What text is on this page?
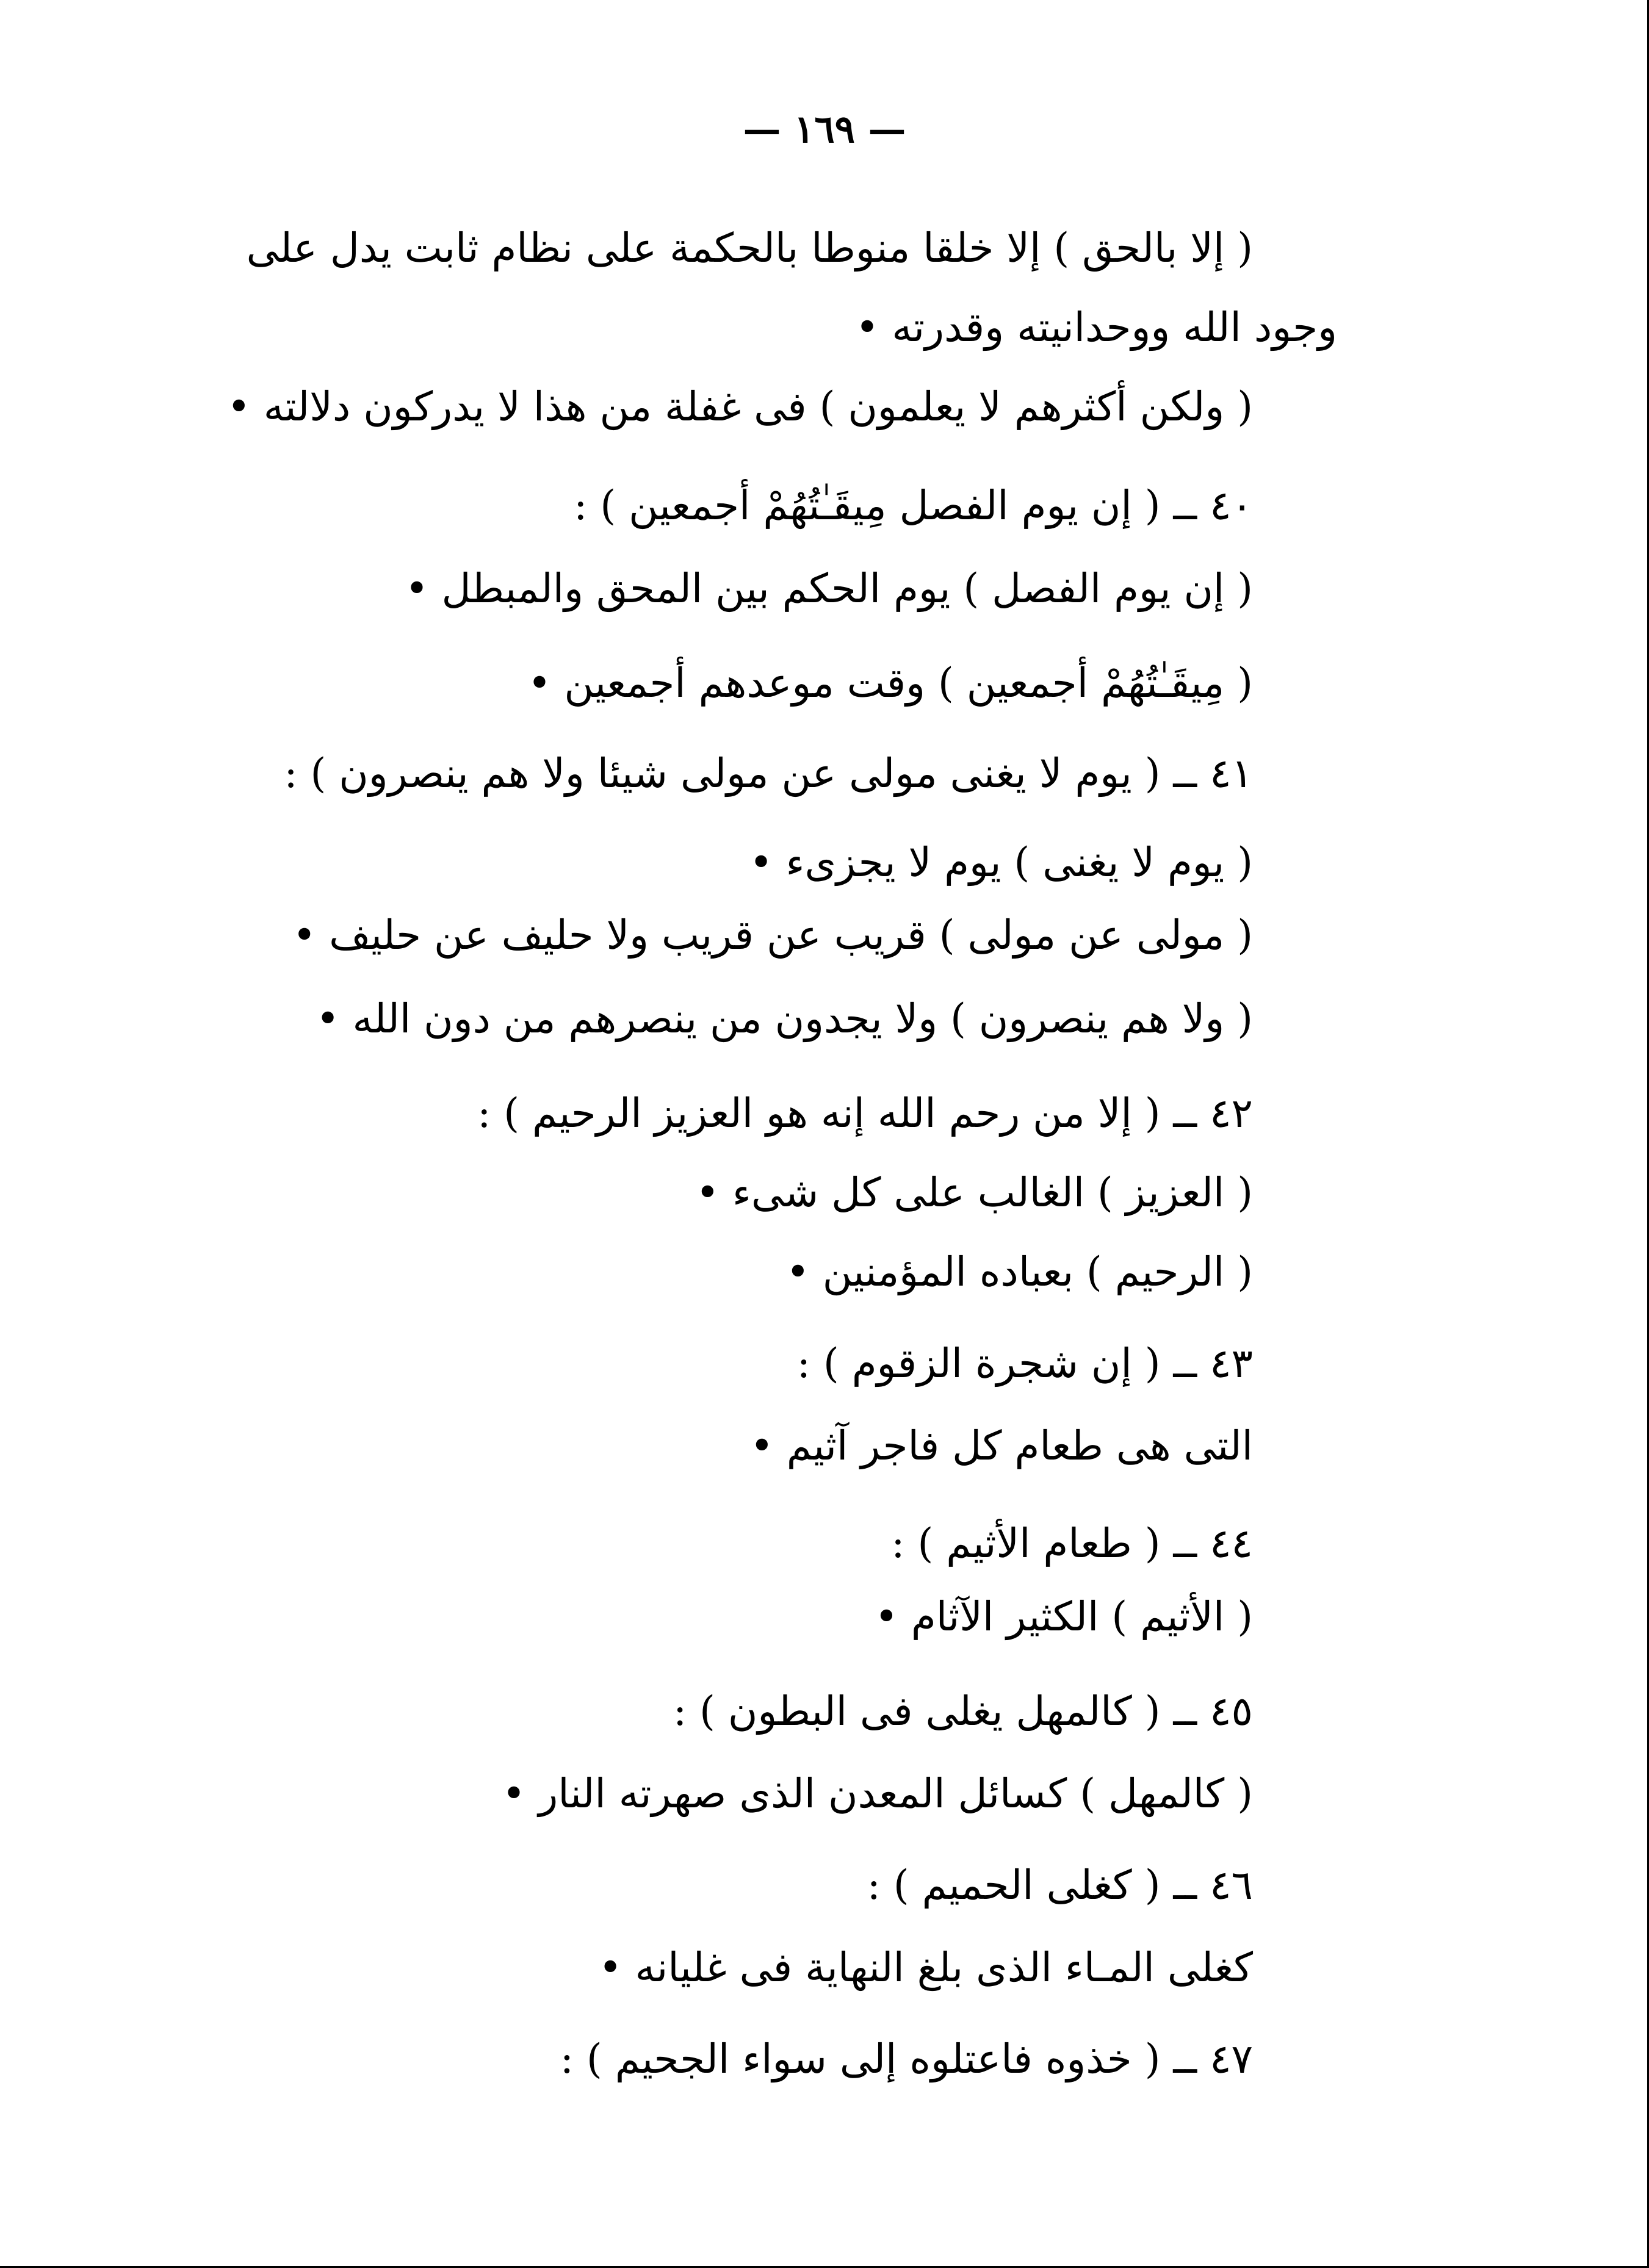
— ١٦٩ —
( إلا بالحق ) إلا خلقا منوطا بالحكمة على نظام ثابت يدل على
وجود الله ووحدانيته وقدرته •
( ولكن أكثرهم لا يعلمون ) فى غفلة من هذا لا يدركون دلالته •
٤٠ ــ ( إن يوم الفصل مِيقَـٰتُهُمْ أجمعين ) :
( إن يوم الفصل ) يوم الحكم بين المحق والمبطل •
( مِيقَـٰتُهُمْ أجمعين ) وقت موعدهم أجمعين •
٤١ ــ ( يوم لا يغنى مولى عن مولى شيئا ولا هم ينصرون ) :
( يوم لا يغنى ) يوم لا يجزىء •
( مولى عن مولى ) قريب عن قريب ولا حليف عن حليف •
( ولا هم ينصرون ) ولا يجدون من ينصرهم من دون الله •
٤٢ ــ ( إلا من رحم الله إنه هو العزيز الرحيم ) :
( العزيز ) الغالب على كل شىء •
( الرحيم ) بعباده المؤمنين •
٤٣ ــ ( إن شجرة الزقوم ) :
التى هى طعام كل فاجر آثيم •
٤٤ ــ ( طعام الأثيم ) :
( الأثيم ) الكثير الآثام •
٤٥ ــ ( كالمهل يغلى فى البطون ) :
( كالمهل ) كسائل المعدن الذى صهرته النار •
٤٦ ــ ( كغلى الحميم ) :
كغلى المـاء الذى بلغ النهاية فى غليانه •
٤٧ ــ ( خذوه فاعتلوه إلى سواء الجحيم ) :
